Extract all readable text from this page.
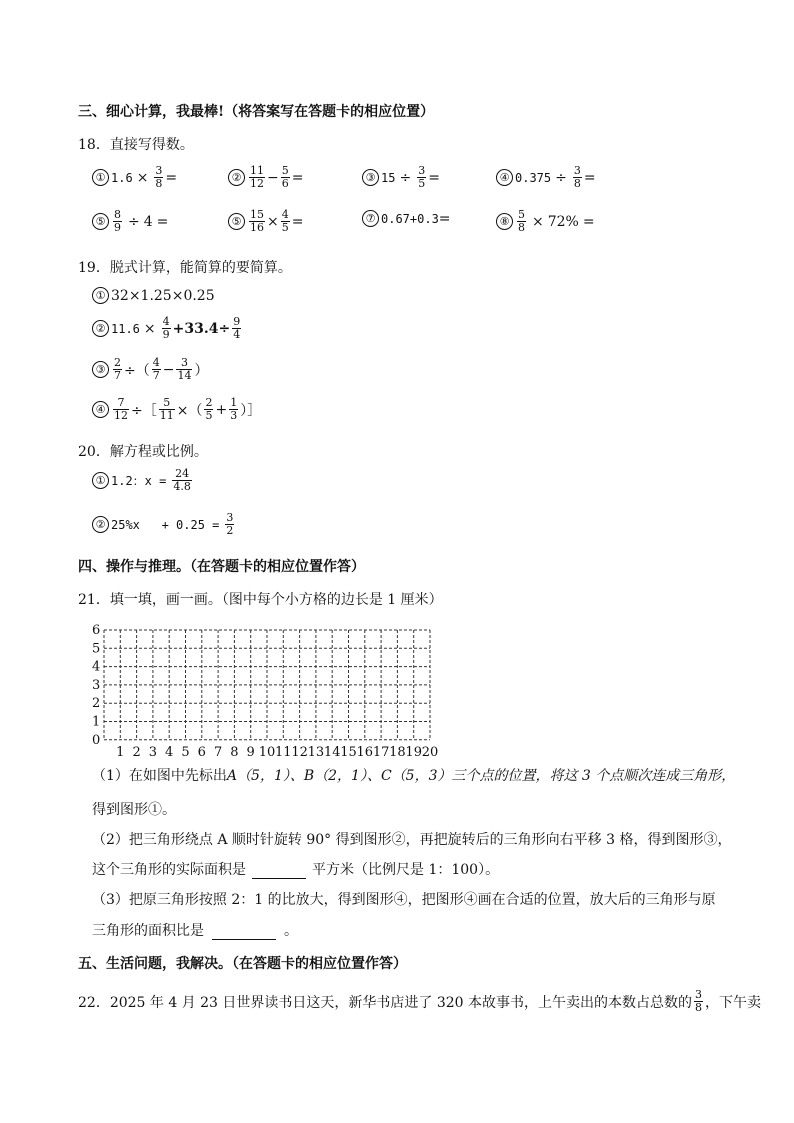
三、细心计算，我最棒!（将答案写在答题卡的相应位置）
18．直接写得数。
① $1.6 \times \frac{3}{8}$ =	② $\frac{11}{12} - \frac{5}{6}$ =	③ $15 \div \frac{3}{5}$ =	④ $0.375 \div \frac{3}{8}$ =
⑤ $\frac{8}{9} \div 4$ =	⑤ $\frac{15}{16} \times \frac{4}{5}$ =	⑦ 0.67+0.3 =	⑧ $\frac{5}{8} \times 72\%$ =
19．脱式计算，能简算的要简算。
① 32×1.25×0.25
② $11.6 \times \frac{4}{9} +33.4\div \frac{9}{4}$
③ $\frac{2}{7}$ ÷（ $\frac{4}{7} - \frac{3}{14}$ ）
④ $\frac{7}{12}$ ÷［ $\frac{5}{11}$ ×（ $\frac{2}{5} + \frac{1}{3}$ ）］
20．解方程或比例。
① 1.2：$x = \frac{24}{4.8}$
② $25\%x + 0.25 = \frac{3}{2}$
四、操作与推理。（在答题卡的相应位置作答）
21．填一填，画一画。（图中每个小方格的边长是 1 厘米）
0
1
2
3
4
5
6
1 2 3 4 5 6 7 8 9 10 11 12 13 14 15 16 17 18 19 20
（1）在如图中先标出A（5，1）、B（2，1）、C（5，3）三个点的位置，将这 3 个点顺次连成三角形，
得到图形①。
（2）把三角形绕点 A 顺时针旋转 90° 得到图形②，再把旋转后的三角形向右平移 3 格，得到图形③，
这个三角形的实际面积是	平方米（比例尺是 1：100）。
（3）把原三角形按照 2：1 的比放大，得到图形④，把图形④画在合适的位置，放大后的三角形与原
三角形的面积比是	。
五、生活问题，我解决。（在答题卡的相应位置作答）
22．2025 年 4 月 23 日世界读书日这天，新华书店进了 320 本故事书，上午卖出的本数占总数的 $\frac{3}{8}$ ，下午卖
